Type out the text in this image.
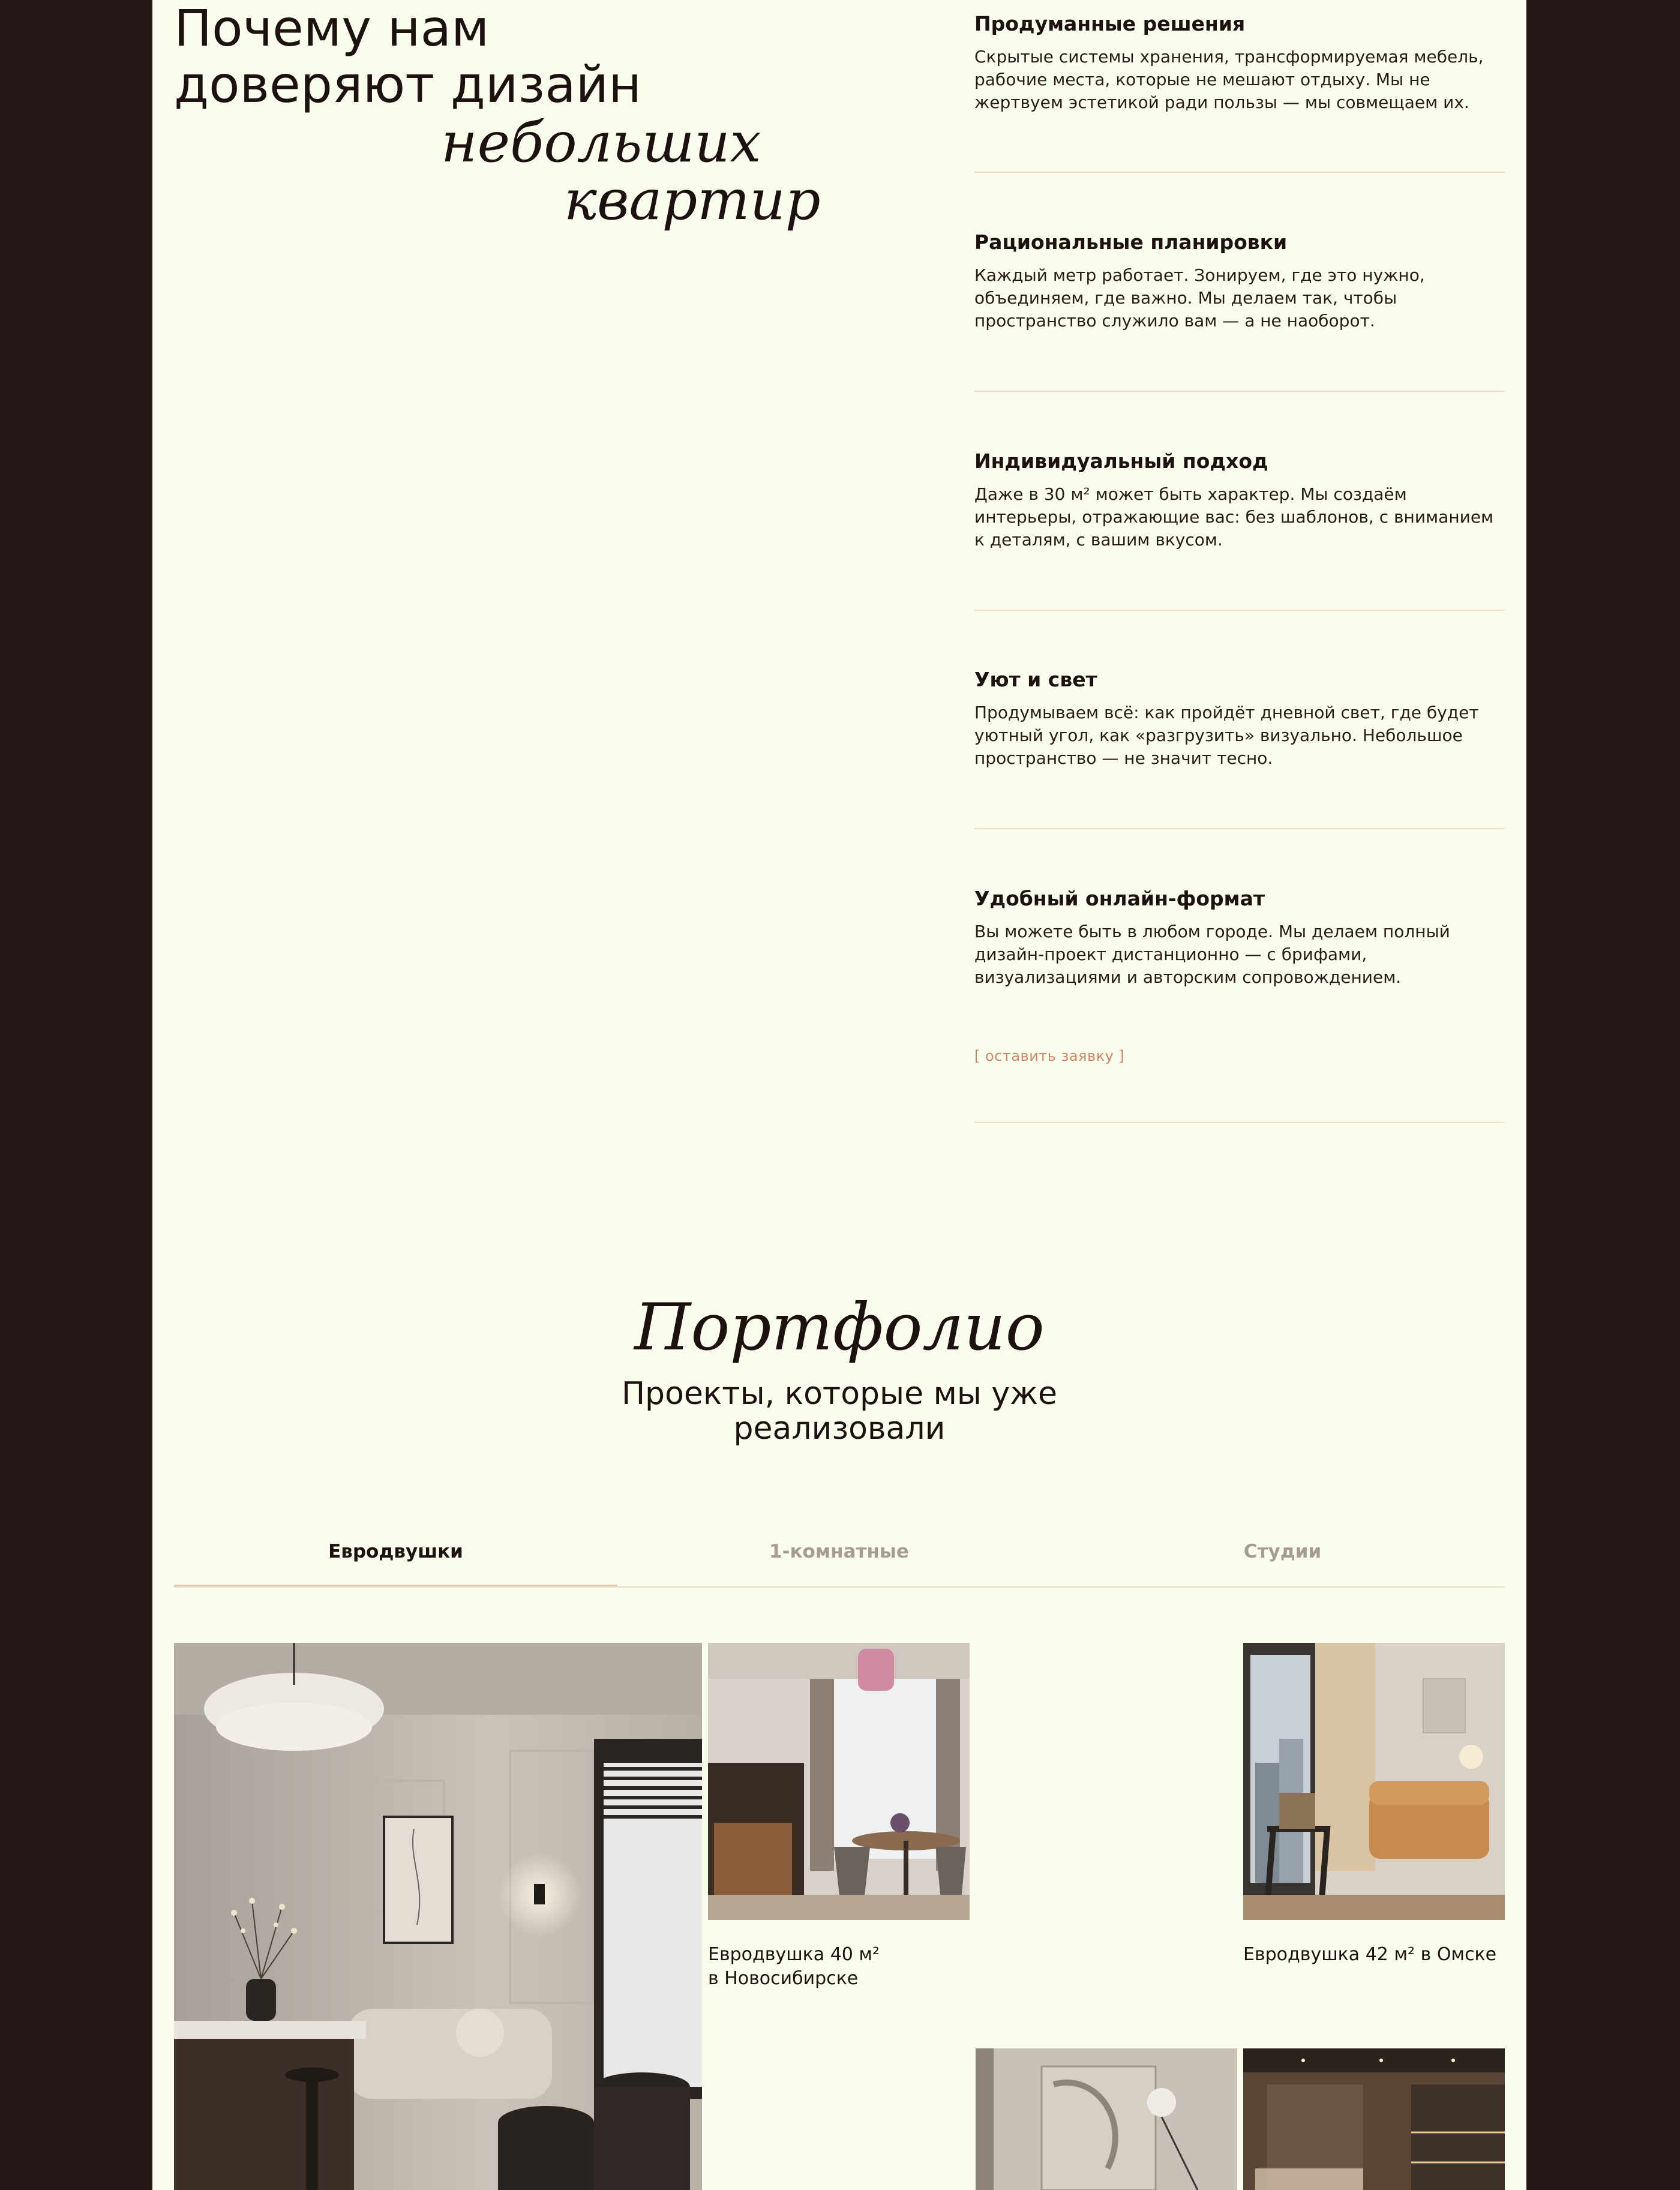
Почему нам
доверяют дизайн
небольших
квартир
Продуманные решения

Скрытые системы хранения, трансформируемая мебель, рабочие места, которые не мешают отдыху. Мы не жертвуем эстетикой ради пользы — мы совмещаем их.

Рациональные планировки

Каждый метр работает. Зонируем, где это нужно, объединяем, где важно. Мы делаем так, чтобы пространство служило вам — а не наоборот.

Индивидуальный подход

Даже в 30 м² может быть характер. Мы создаём интерьеры, отражающие вас: без шаблонов, с вниманием к деталям, с вашим вкусом.

Уют и свет

Продумываем всё: как пройдёт дневной свет, где будет уютный угол, как «разгрузить» визуально. Небольшое пространство — не значит тесно.

Удобный онлайн-формат

Вы можете быть в любом городе. Мы делаем полный дизайн-проект дистанционно — с брифами, визуализациями и авторским сопровождением.

[ оставить заявку ]
Портфолио
Проекты, которые мы уже
реализовали
Евродвушки	1-комнатные	Студии
Евродвушка 40 м²
в Новосибирске
Евродвушка 42 м² в Омске
